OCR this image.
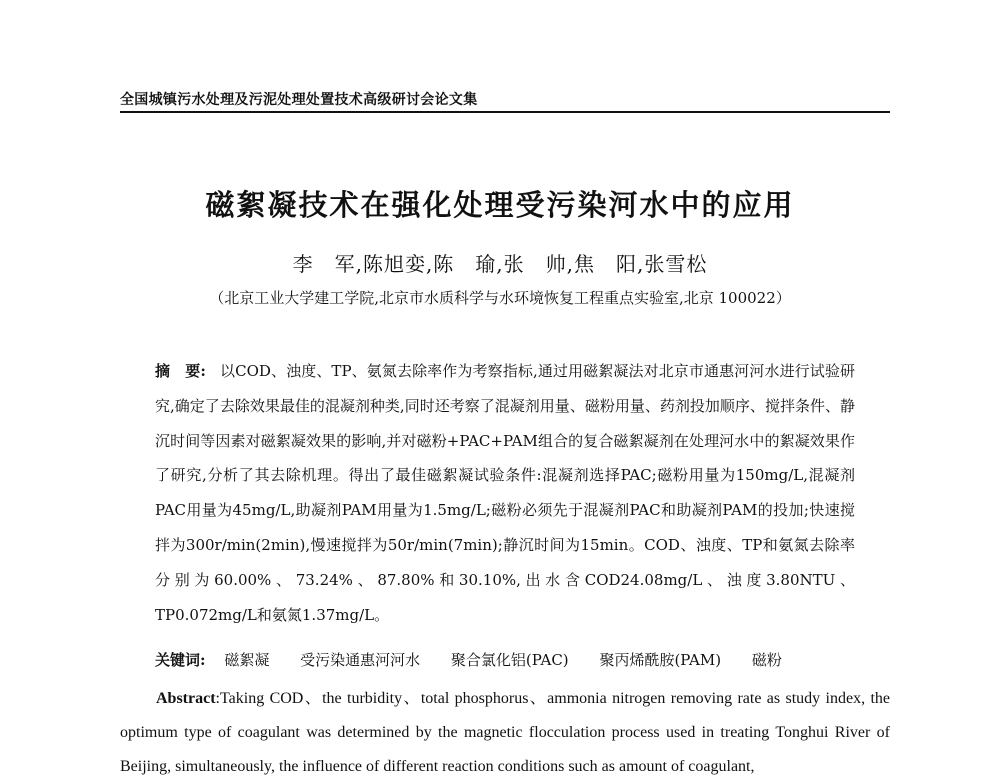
全国城镇污水处理及污泥处理处置技术高级研讨会论文集
磁絮凝技术在强化处理受污染河水中的应用
李　军,陈旭娈,陈　瑜,张　帅,焦　阳,张雪松
（北京工业大学建工学院,北京市水质科学与水环境恢复工程重点实验室,北京 100022）
摘　要: 以COD、浊度、TP、氨氮去除率作为考察指标,通过用磁絮凝法对北京市通惠河河水进行试验研究,确定了去除效果最佳的混凝剂种类,同时还考察了混凝剂用量、磁粉用量、药剂投加顺序、搅拌条件、静沉时间等因素对磁絮凝效果的影响,并对磁粉+PAC+PAM组合的复合磁絮凝剂在处理河水中的絮凝效果作了研究,分析了其去除机理。得出了最佳磁絮凝试验条件:混凝剂选择PAC;磁粉用量为150mg/L,混凝剂PAC用量为45mg/L,助凝剂PAM用量为1.5mg/L;磁粉必须先于混凝剂PAC和助凝剂PAM的投加;快速搅拌为300r/min(2min),慢速搅拌为50r/min(7min);静沉时间为15min。COD、浊度、TP和氨氮去除率分别为60.00%、73.24%、87.80%和30.10%,出水含COD24.08mg/L、浊度3.80NTU、TP0.072mg/L和氨氮1.37mg/L。
关键词: 磁絮凝 受污染通惠河河水 聚合氯化铝(PAC) 聚丙烯酰胺(PAM) 磁粉
Abstract:Taking COD、the turbidity、total phosphorus、ammonia nitrogen removing rate as study index, the optimum type of coagulant was determined by the magnetic flocculation process used in treating Tonghui River of Beijing, simultaneously, the influence of different reaction conditions such as amount of coagulant,
